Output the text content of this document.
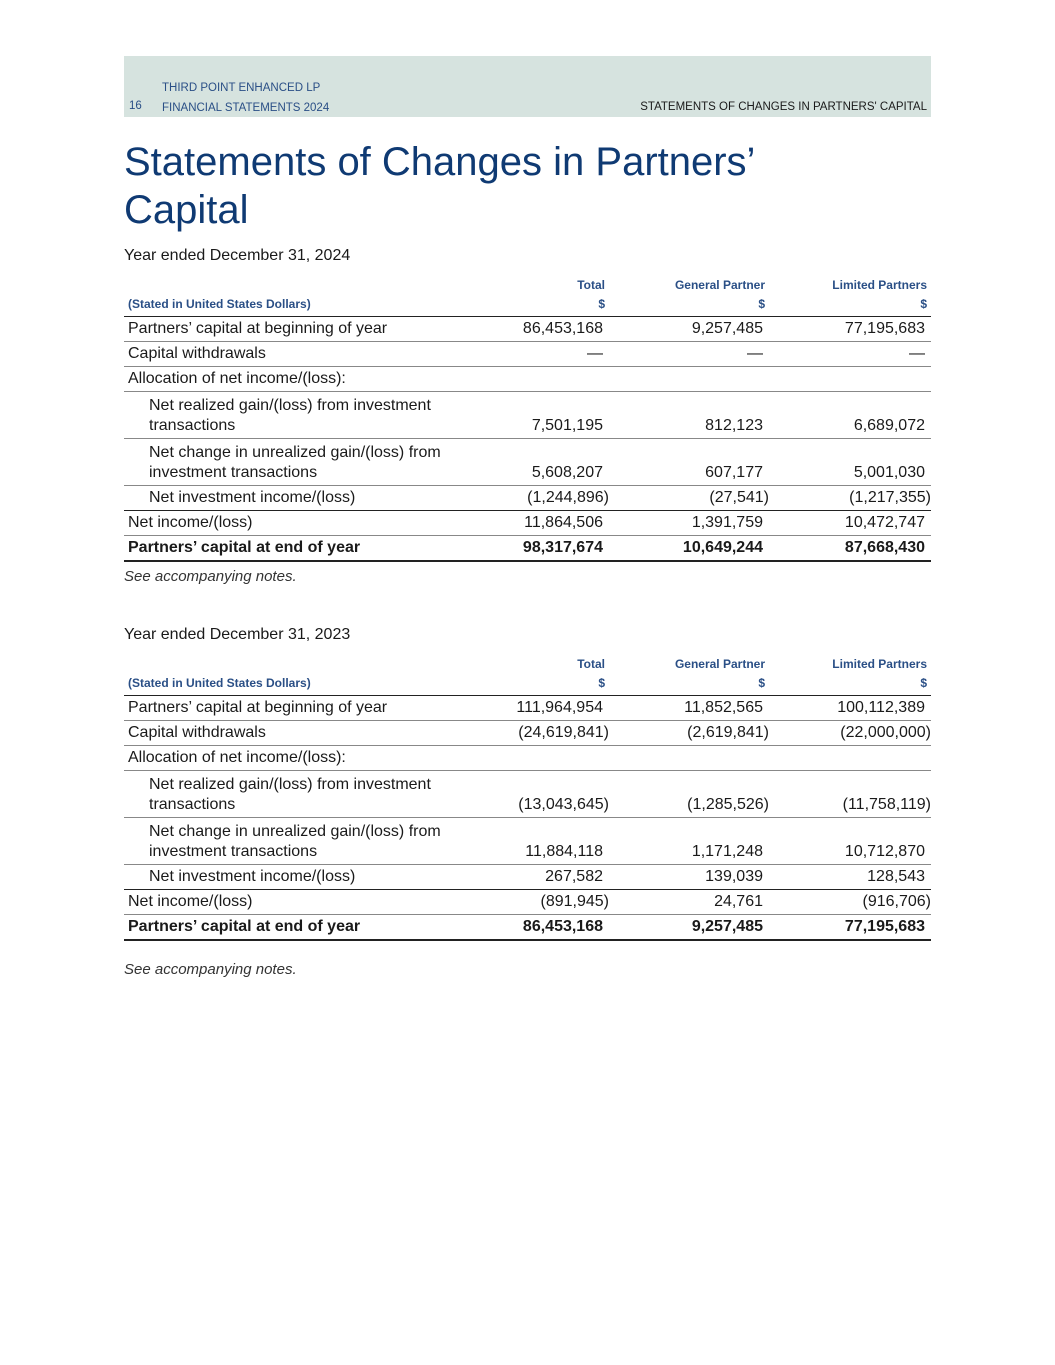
16
THIRD POINT ENHANCED LP
FINANCIAL STATEMENTS 2024	STATEMENTS OF CHANGES IN PARTNERS' CAPITAL
Statements of Changes in Partners’ Capital
Year ended December 31, 2024
	Total	General Partner	Limited Partners
(Stated in United States Dollars)	$	$	$
Partners’ capital at beginning of year	86,453,168	9,257,485	77,195,683
Capital withdrawals	—	—	—
Allocation of net income/(loss):			
Net realized gain/(loss) from investment transactions	7,501,195	812,123	6,689,072
Net change in unrealized gain/(loss) from investment transactions	5,608,207	607,177	5,001,030
Net investment income/(loss)	(1,244,896)	(27,541)	(1,217,355)
Net income/(loss)	11,864,506	1,391,759	10,472,747
Partners’ capital at end of year	98,317,674	10,649,244	87,668,430
See accompanying notes.
Year ended December 31, 2023
	Total	General Partner	Limited Partners
(Stated in United States Dollars)	$	$	$
Partners’ capital at beginning of year	111,964,954	11,852,565	100,112,389
Capital withdrawals	(24,619,841)	(2,619,841)	(22,000,000)
Allocation of net income/(loss):			
Net realized gain/(loss) from investment transactions	(13,043,645)	(1,285,526)	(11,758,119)
Net change in unrealized gain/(loss) from investment transactions	11,884,118	1,171,248	10,712,870
Net investment income/(loss)	267,582	139,039	128,543
Net income/(loss)	(891,945)	24,761	(916,706)
Partners’ capital at end of year	86,453,168	9,257,485	77,195,683
See accompanying notes.
